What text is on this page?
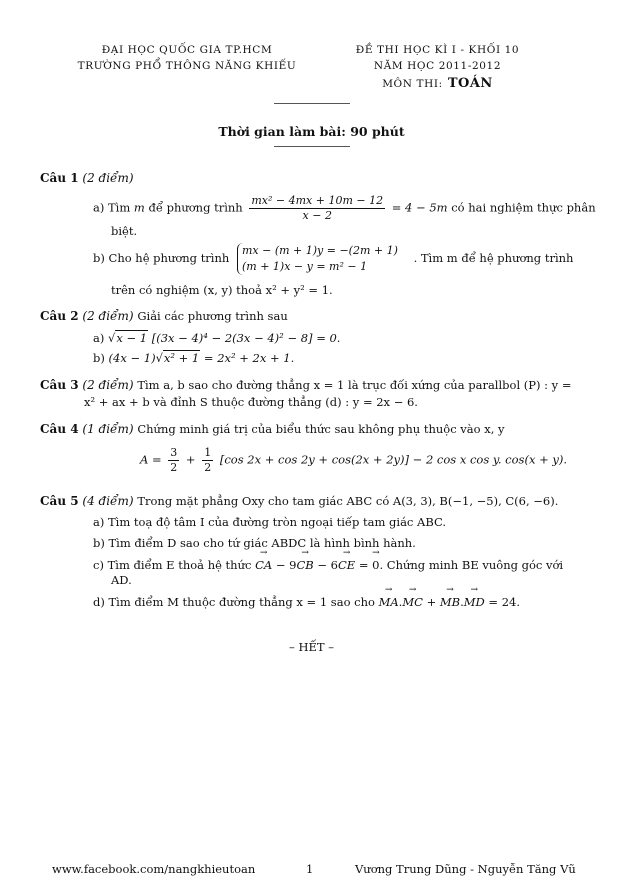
ĐẠI HỌC QUỐC GIA TP.HCM
TRƯỜNG PHỔ THÔNG NĂNG KHIẾU
ĐỀ THI HỌC KÌ I - KHỐI 10
NĂM HỌC 2011-2012
MÔN THI: TOÁN
Thời gian làm bài: 90 phút
Câu 1 (2 điểm)
a) Tìm m để phương trình $\frac{\text{mx² − 4mx + 10m − 12}}{x - 2} = 4 - 5m$ có hai nghiệm thực phân
biệt.
b) Cho hệ phương trình
mx − (m + 1)y = −(2m + 1)
(m + 1)x − y = m² − 1
. Tìm m để hệ phương trình
trên có nghiệm (x, y) thoả x² + y² = 1.
Câu 2 (2 điểm) Giải các phương trình sau
a) √x − 1 [(3x − 4)⁴ − 2(3x − 4)² − 8] = 0.
b) (4x − 1)√x² + 1 = 2x² + 2x + 1.
Câu 3 (2 điểm) Tìm a, b sao cho đường thẳng x = 1 là trục đối xứng của parallbol (P) : y =
x² + ax + b và đỉnh S thuộc đường thẳng (d) : y = 2x − 6.
Câu 4 (1 điểm) Chứng minh giá trị của biểu thức sau không phụ thuộc vào x, y
$A = \frac{3}{2} + \frac{1}{2} [\cos$ 2x + cos 2y + cos(2x + 2y)] − 2 cos x cos y. cos(x + y).
Câu 5 (4 điểm) Trong mặt phẳng Oxy cho tam giác ABC có A(3, 3), B(−1, −5), C(6, −6).
a) Tìm toạ độ tâm I của đường tròn ngoại tiếp tam giác ABC.
b) Tìm điểm D sao cho tứ giác ABDC là hình bình hành.
c) Tìm điểm E thoả hệ thức → CA − 9→ CB − 6→ CE = → 0. Chứng minh BE vuông góc với
AD.
d) Tìm điểm M thuộc đường thẳng x = 1 sao cho → MA.→ MC + → MB.→ MD = 24.
– HẾT –
www.facebook.com/nangkhieutoan	1	Vương Trung Dũng - Nguyễn Tăng Vũ
